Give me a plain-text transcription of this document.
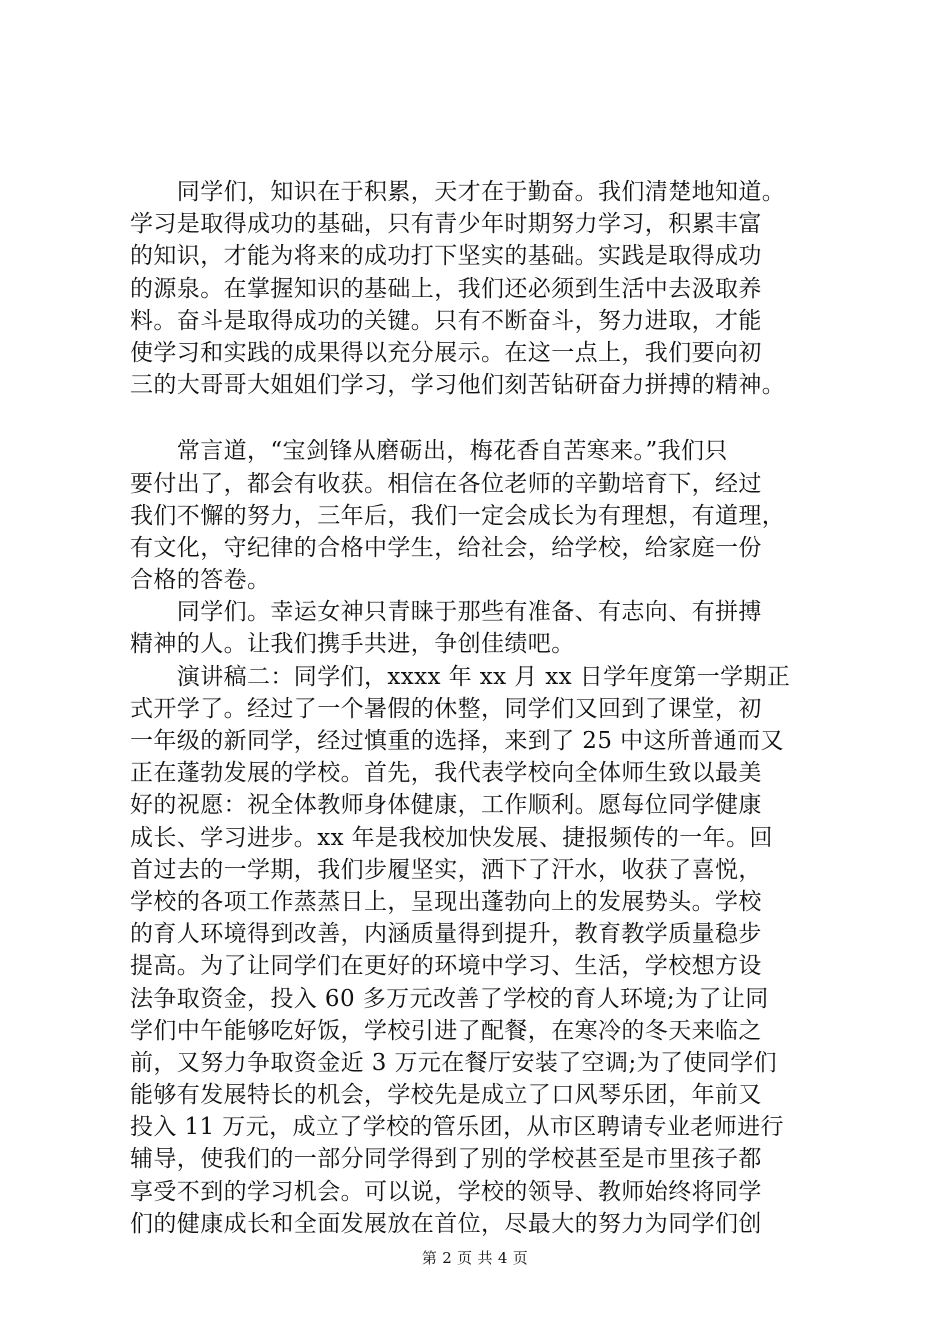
　　同学们，知识在于积累，天才在于勤奋。我们清楚地知道。
学习是取得成功的基础，只有青少年时期努力学习，积累丰富
的知识，才能为将来的成功打下坚实的基础。实践是取得成功
的源泉。在掌握知识的基础上，我们还必须到生活中去汲取养
料。奋斗是取得成功的关键。只有不断奋斗，努力进取，才能
使学习和实践的成果得以充分展示。在这一点上，我们要向初
三的大哥哥大姐姐们学习，学习他们刻苦钻研奋力拼搏的精神。
　　常言道，“宝剑锋从磨砺出，梅花香自苦寒来。”我们只
要付出了，都会有收获。相信在各位老师的辛勤培育下，经过
我们不懈的努力，三年后，我们一定会成长为有理想，有道理，
有文化，守纪律的合格中学生，给社会，给学校，给家庭一份
合格的答卷。
　　同学们。幸运女神只青睐于那些有准备、有志向、有拼搏
精神的人。让我们携手共进，争创佳绩吧。
　　演讲稿二：同学们，xxxx 年 xx 月 xx 日学年度第一学期正
式开学了。经过了一个暑假的休整，同学们又回到了课堂，初
一年级的新同学，经过慎重的选择，来到了 25 中这所普通而又
正在蓬勃发展的学校。首先，我代表学校向全体师生致以最美
好的祝愿：祝全体教师身体健康，工作顺利。愿每位同学健康
成长、学习进步。xx 年是我校加快发展、捷报频传的一年。回
首过去的一学期，我们步履坚实，洒下了汗水，收获了喜悦，
学校的各项工作蒸蒸日上，呈现出蓬勃向上的发展势头。学校
的育人环境得到改善，内涵质量得到提升，教育教学质量稳步
提高。为了让同学们在更好的环境中学习、生活，学校想方设
法争取资金，投入 60 多万元改善了学校的育人环境;为了让同
学们中午能够吃好饭，学校引进了配餐，在寒冷的冬天来临之
前，又努力争取资金近 3 万元在餐厅安装了空调;为了使同学们
能够有发展特长的机会，学校先是成立了口风琴乐团，年前又
投入 11 万元，成立了学校的管乐团，从市区聘请专业老师进行
辅导，使我们的一部分同学得到了别的学校甚至是市里孩子都
享受不到的学习机会。可以说，学校的领导、教师始终将同学
们的健康成长和全面发展放在首位，尽最大的努力为同学们创
第 2 页 共 4 页
